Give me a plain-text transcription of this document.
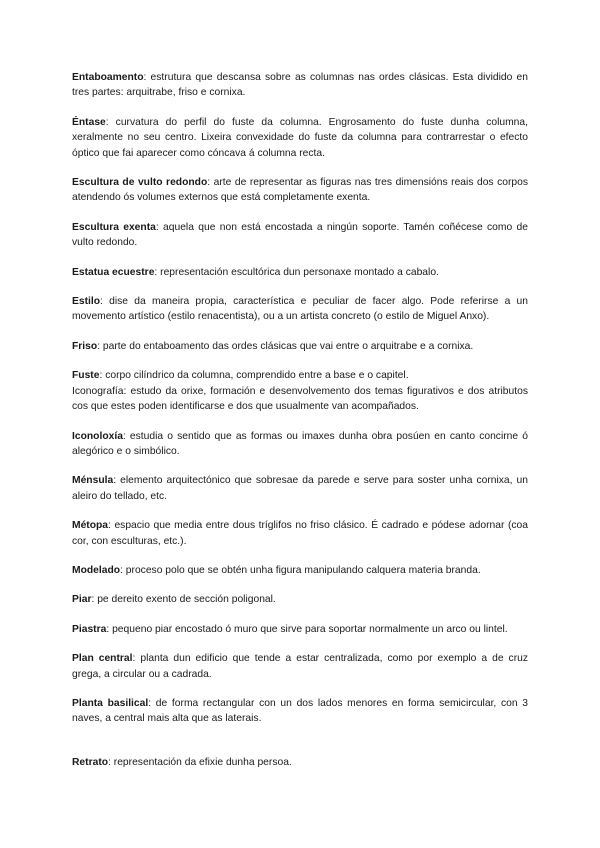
Entaboamento: estrutura que descansa sobre as columnas nas ordes clásicas. Esta dividido en tres partes: arquitrabe, friso e cornixa.

Éntase: curvatura do perfil do fuste da columna. Engrosamento do fuste dunha columna, xeralmente no seu centro. Lixeira convexidade do fuste da columna para contrarrestar o efecto óptico que fai aparecer como cóncava á columna recta.

Escultura de vulto redondo: arte de representar as figuras nas tres dimensións reais dos corpos atendendo ós volumes externos que está completamente exenta.

Escultura exenta: aquela que non está encostada a ningún soporte. Tamén coñécese como de vulto redondo.

Estatua ecuestre: representación escultórica dun personaxe montado a cabalo.

Estilo: dise da maneira propia, característica e peculiar de facer algo. Pode referirse a un movemento artístico (estilo renacentista), ou a un artista concreto (o estilo de Miguel Anxo).

Friso: parte do entaboamento das ordes clásicas que vai entre o arquitrabe e a cornixa.

Fuste: corpo cilíndrico da columna, comprendido entre a base e o capitel.
Iconografía: estudo da orixe, formación e desenvolvemento dos temas figurativos e dos atributos cos que estes poden identificarse e dos que usualmente van acompañados.

Iconoloxía: estudia o sentido que as formas ou imaxes dunha obra posúen en canto concirne ó alegórico e o simbólico.

Ménsula: elemento arquitectónico que sobresae da parede e serve para soster unha cornixa, un aleiro do tellado, etc.

Métopa: espacio que media entre dous tríglifos no friso clásico. É cadrado e pódese adornar (coa cor, con esculturas, etc.).

Modelado: proceso polo que se obtén unha figura manipulando calquera materia branda.

Piar: pe dereito exento de sección poligonal.

Piastra: pequeno piar encostado ó muro que sirve para soportar normalmente un arco ou lintel.

Plan central: planta dun edificio que tende a estar centralizada, como por exemplo a de cruz grega, a circular ou a cadrada.

Planta basilical: de forma rectangular con un dos lados menores en forma semicircular, con 3 naves, a central mais alta que as laterais.

Retrato: representación da efixie dunha persoa.
